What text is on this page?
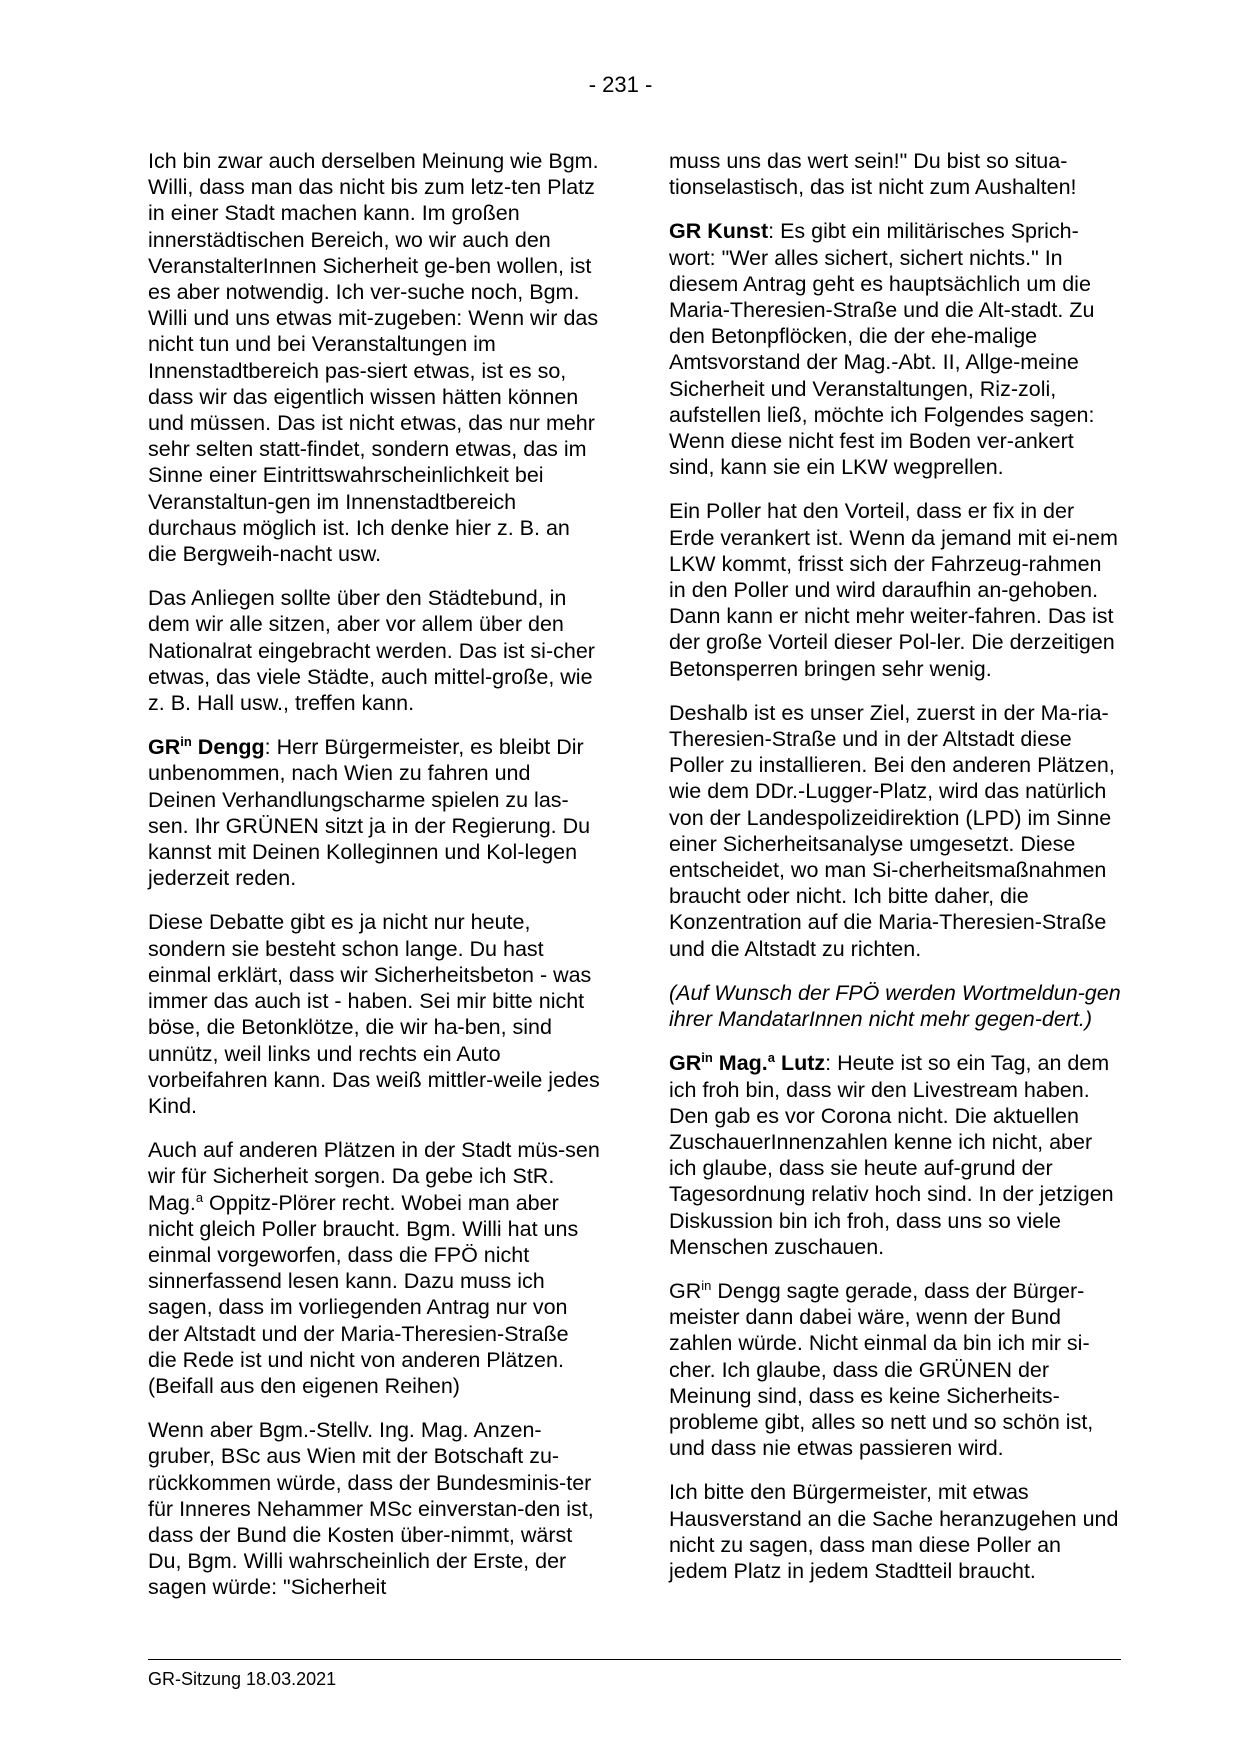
- 231 -

Ich bin zwar auch derselben Meinung wie Bgm. Willi, dass man das nicht bis zum letz-ten Platz in einer Stadt machen kann. Im großen innerstädtischen Bereich, wo wir auch den VeranstalterInnen Sicherheit ge-ben wollen, ist es aber notwendig. Ich ver-suche noch, Bgm. Willi und uns etwas mit-zugeben: Wenn wir das nicht tun und bei Veranstaltungen im Innenstadtbereich pas-siert etwas, ist es so, dass wir das eigentlich wissen hätten können und müssen. Das ist nicht etwas, das nur mehr sehr selten statt-findet, sondern etwas, das im Sinne einer Eintrittswahrscheinlichkeit bei Veranstaltun-gen im Innenstadtbereich durchaus möglich ist. Ich denke hier z. B. an die Bergweih-nacht usw.

Das Anliegen sollte über den Städtebund, in dem wir alle sitzen, aber vor allem über den Nationalrat eingebracht werden. Das ist si-cher etwas, das viele Städte, auch mittel-große, wie z. B. Hall usw., treffen kann.

$GR^{in}$ Dengg: Herr Bürgermeister, es bleibt Dir unbenommen, nach Wien zu fahren und Deinen Verhandlungscharme spielen zu las-sen. Ihr GRÜNEN sitzt ja in der Regierung. Du kannst mit Deinen Kolleginnen und Kol-legen jederzeit reden.

Diese Debatte gibt es ja nicht nur heute, sondern sie besteht schon lange. Du hast einmal erklärt, dass wir Sicherheitsbeton - was immer das auch ist - haben. Sei mir bitte nicht böse, die Betonklötze, die wir ha-ben, sind unnütz, weil links und rechts ein Auto vorbeifahren kann. Das weiß mittler-weile jedes Kind.

Auch auf anderen Plätzen in der Stadt müs-sen wir für Sicherheit sorgen. Da gebe ich StR. Mag.$^a$ Oppitz-Plörer recht. Wobei man aber nicht gleich Poller braucht. Bgm. Willi hat uns einmal vorgeworfen, dass die FPÖ nicht sinnerfassend lesen kann. Dazu muss ich sagen, dass im vorliegenden Antrag nur von der Altstadt und der Maria-Theresien-Straße die Rede ist und nicht von anderen Plätzen. (Beifall aus den eigenen Reihen)

Wenn aber Bgm.-Stellv. Ing. Mag. Anzen-gruber, BSc aus Wien mit der Botschaft zu-rückkommen würde, dass der Bundesminis-ter für Inneres Nehammer MSc einverstan-den ist, dass der Bund die Kosten über-nimmt, wärst Du, Bgm. Willi wahrscheinlich der Erste, der sagen würde: "Sicherheit

muss uns das wert sein!" Du bist so situa-tionselastisch, das ist nicht zum Aushalten!

GR Kunst: Es gibt ein militärisches Sprich-wort: "Wer alles sichert, sichert nichts." In diesem Antrag geht es hauptsächlich um die Maria-Theresien-Straße und die Alt-stadt. Zu den Betonpflöcken, die der ehe-malige Amtsvorstand der Mag.-Abt. II, Allge-meine Sicherheit und Veranstaltungen, Riz-zoli, aufstellen ließ, möchte ich Folgendes sagen: Wenn diese nicht fest im Boden ver-ankert sind, kann sie ein LKW wegprellen.

Ein Poller hat den Vorteil, dass er fix in der Erde verankert ist. Wenn da jemand mit ei-nem LKW kommt, frisst sich der Fahrzeug-rahmen in den Poller und wird daraufhin an-gehoben. Dann kann er nicht mehr weiter-fahren. Das ist der große Vorteil dieser Pol-ler. Die derzeitigen Betonsperren bringen sehr wenig.

Deshalb ist es unser Ziel, zuerst in der Ma-ria-Theresien-Straße und in der Altstadt diese Poller zu installieren. Bei den anderen Plätzen, wie dem DDr.-Lugger-Platz, wird das natürlich von der Landespolizeidirektion (LPD) im Sinne einer Sicherheitsanalyse umgesetzt. Diese entscheidet, wo man Si-cherheitsmaßnahmen braucht oder nicht. Ich bitte daher, die Konzentration auf die Maria-Theresien-Straße und die Altstadt zu richten.

(Auf Wunsch der FPÖ werden Wortmeldun-gen ihrer MandatarInnen nicht mehr gegen-dert.)

$GR^{in}$ Mag.$^a$ Lutz: Heute ist so ein Tag, an dem ich froh bin, dass wir den Livestream haben. Den gab es vor Corona nicht. Die aktuellen ZuschauerInnenzahlen kenne ich nicht, aber ich glaube, dass sie heute auf-grund der Tagesordnung relativ hoch sind. In der jetzigen Diskussion bin ich froh, dass uns so viele Menschen zuschauen.

$GR^{in}$ Dengg sagte gerade, dass der Bürger-meister dann dabei wäre, wenn der Bund zahlen würde. Nicht einmal da bin ich mir si-cher. Ich glaube, dass die GRÜNEN der Meinung sind, dass es keine Sicherheits-probleme gibt, alles so nett und so schön ist, und dass nie etwas passieren wird.

Ich bitte den Bürgermeister, mit etwas Hausverstand an die Sache heranzugehen und nicht zu sagen, dass man diese Poller an jedem Platz in jedem Stadtteil braucht.

GR-Sitzung 18.03.2021
